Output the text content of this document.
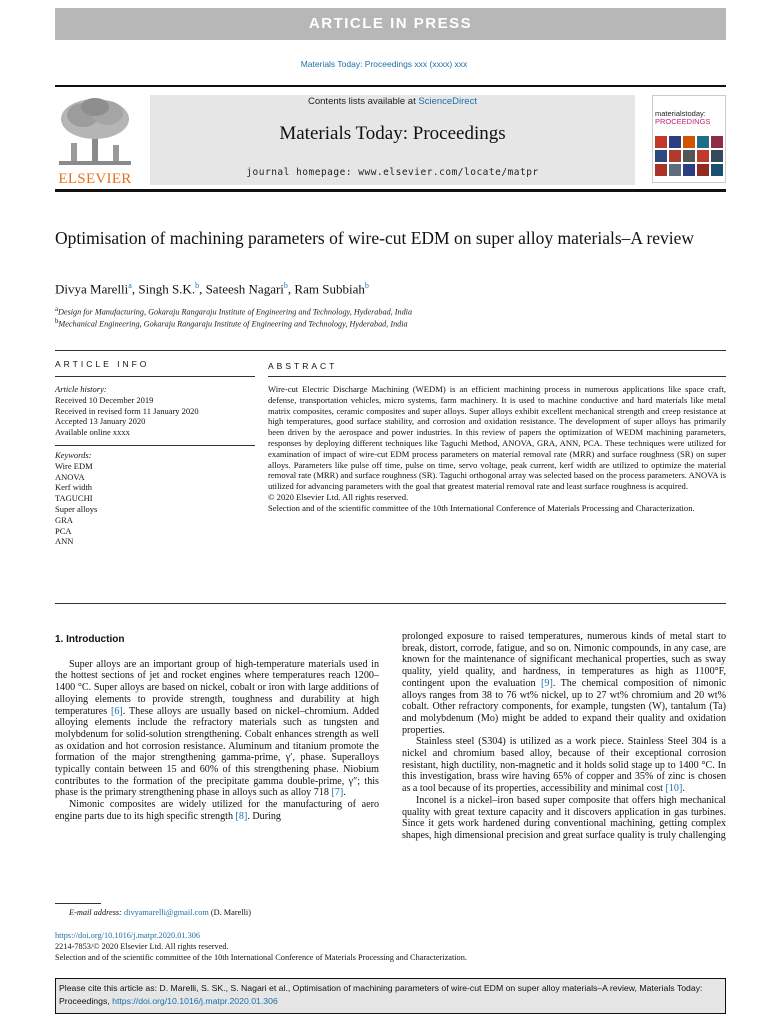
ARTICLE IN PRESS
Materials Today: Proceedings xxx (xxxx) xxx
ELSEVIER
Contents lists available at ScienceDirect
Materials Today: Proceedings
journal homepage: www.elsevier.com/locate/matpr
materialstoday:
PROCEEDINGS
Optimisation of machining parameters of wire-cut EDM on super alloy materials–A review
Divya Marelli$^a$, Singh S.K.$^b$, Sateesh Nagari$^b$, Ram Subbiah$^b$
$^a$Design for Manufacturing, Gokaraju Rangaraju Institute of Engineering and Technology, Hyderabad, India
$^b$Mechanical Engineering, Gokaraju Rangaraju Institute of Engineering and Technology, Hyderabad, India
ARTICLE INFO	ABSTRACT
Article history:
Received 10 December 2019
Received in revised form 11 January 2020
Accepted 13 January 2020
Available online xxxx
Keywords:
Wire EDM
ANOVA
Kerf width
TAGUCHI
Super alloys
GRA
PCA
ANN
Wire-cut Electric Discharge Machining (WEDM) is an efficient machining process in numerous applications like space craft, defense, transportation vehicles, micro systems, farm machinery. It is used to machine conductive and hard materials like metal matrix composites, ceramic composites and super alloys. Super alloys exhibit excellent mechanical strength and creep resistance at high temperatures, good surface stability, and corrosion and oxidation resistance. The development of super alloys has primarily been driven by the aerospace and power industries. In this review of papers the optimization of WEDM machining parameters, responses by deploying different techniques like Taguchi Method, ANOVA, GRA, ANN, PCA. These techniques were utilized for examination of impact of wire-cut EDM process parameters on material removal rate (MRR) and surface roughness (SR) on super alloys. Parameters like pulse off time, pulse on time, servo voltage, peak current, kerf width are utilized to optimize the material removal rate (MRR) and surface roughness (SR). Taguchi orthogonal array was selected based on the process parameters. ANOVA is utilized for advancing parameters with the goal that greatest material removal rate and least surface roughness is acquired.
© 2020 Elsevier Ltd. All rights reserved.
Selection and of the scientific committee of the 10th International Conference of Materials Processing and Characterization.
1. Introduction

Super alloys are an important group of high-temperature materials used in the hottest sections of jet and rocket engines where temperatures reach 1200–1400 °C. Super alloys are based on nickel, cobalt or iron with large additions of alloying elements to provide strength, toughness and durability at high temperatures [6]. These alloys are usually based on nickel–chromium. Added alloying elements include the refractory materials such as tungsten and molybdenum for solid-solution strengthening. Cobalt enhances strength as well as oxidation and hot corrosion resistance. Aluminum and titanium promote the formation of the major strengthening gamma-prime, γ′, phase. Superalloys typically contain between 15 and 60% of this strengthening phase. Niobium contributes to the formation of the precipitate gamma double-prime, γ″; this phase is the primary strengthening phase in alloys such as alloy 718 [7].

Nimonic composites are widely utilized for the manufacturing of aero engine parts due to its high specific strength [8]. During

prolonged exposure to raised temperatures, numerous kinds of metal start to break, distort, corrode, fatigue, and so on. Nimonic compounds, in any case, are known for the maintenance of significant mechanical properties, such as sway quality, yield quality, and hardness, in temperatures as high as 1100°F, contingent upon the evaluation [9]. The chemical composition of nimonic alloys ranges from 38 to 76 wt% nickel, up to 27 wt% chromium and 20 wt% cobalt. Other refractory components, for example, tungsten (W), tantalum (Ta) and molybdenum (Mo) might be added to expand their quality and oxidation properties.

Stainless steel (S304) is utilized as a work piece. Stainless Steel 304 is a nickel and chromium based alloy, because of their exceptional corrosion resistant, high ductility, non-magnetic and it holds solid stage up to 1400 °C. In this investigation, brass wire having 65% of copper and 35% of zinc is chosen as a tool because of its properties, accessibility and minimal cost [10].

Inconel is a nickel–iron based super composite that offers high mechanical quality with great texture capacity and it discovers application in gas turbines. Since it gets work hardened during conventional machining, getting complex shapes, high dimensional precision and great surface quality is truly challenging

E-mail address: divyamarelli@gmail.com (D. Marelli)
https://doi.org/10.1016/j.matpr.2020.01.306
2214-7853/© 2020 Elsevier Ltd. All rights reserved.
Selection and of the scientific committee of the 10th International Conference of Materials Processing and Characterization.
Please cite this article as: D. Marelli, S. SK., S. Nagari et al., Optimisation of machining parameters of wire-cut EDM on super alloy materials–A review, Materials Today: Proceedings, https://doi.org/10.1016/j.matpr.2020.01.306
